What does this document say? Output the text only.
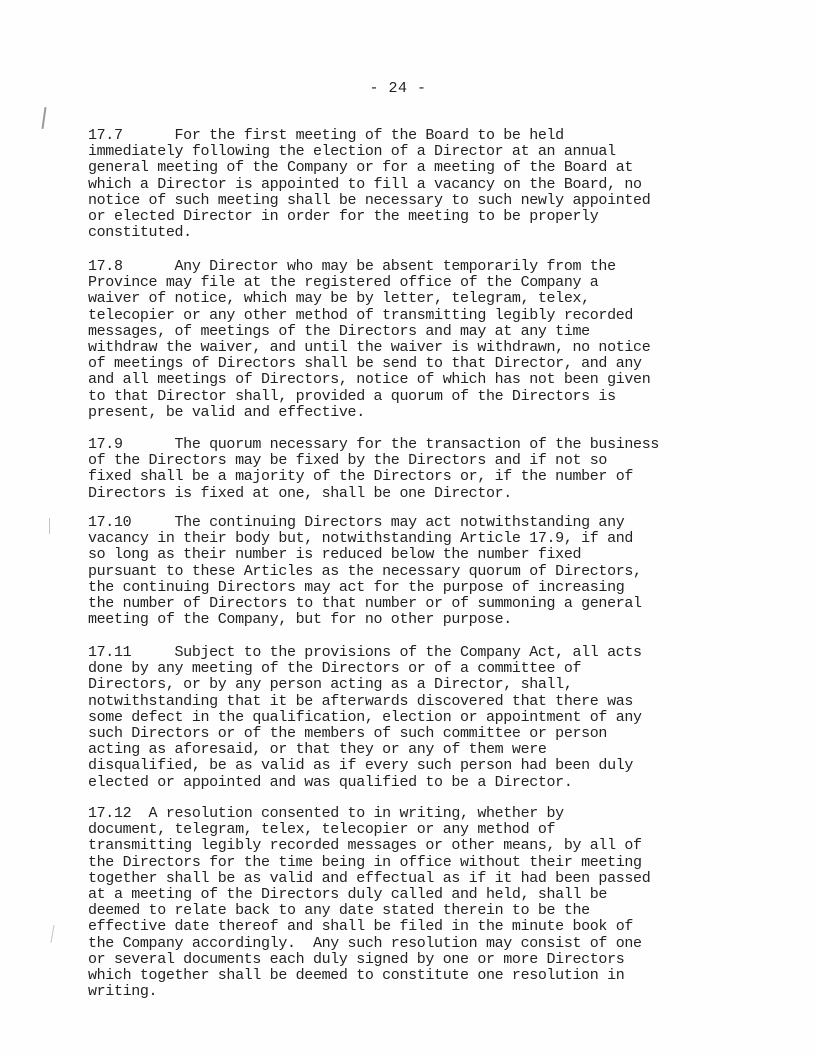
- 24 -
17.7      For the first meeting of the Board to be held
immediately following the election of a Director at an annual
general meeting of the Company or for a meeting of the Board at
which a Director is appointed to fill a vacancy on the Board, no
notice of such meeting shall be necessary to such newly appointed
or elected Director in order for the meeting to be properly
constituted.
17.8      Any Director who may be absent temporarily from the
Province may file at the registered office of the Company a
waiver of notice, which may be by letter, telegram, telex,
telecopier or any other method of transmitting legibly recorded
messages, of meetings of the Directors and may at any time
withdraw the waiver, and until the waiver is withdrawn, no notice
of meetings of Directors shall be send to that Director, and any
and all meetings of Directors, notice of which has not been given
to that Director shall, provided a quorum of the Directors is
present, be valid and effective.
17.9      The quorum necessary for the transaction of the business
of the Directors may be fixed by the Directors and if not so
fixed shall be a majority of the Directors or, if the number of
Directors is fixed at one, shall be one Director.
17.10     The continuing Directors may act notwithstanding any
vacancy in their body but, notwithstanding Article 17.9, if and
so long as their number is reduced below the number fixed
pursuant to these Articles as the necessary quorum of Directors,
the continuing Directors may act for the purpose of increasing
the number of Directors to that number or of summoning a general
meeting of the Company, but for no other purpose.
17.11     Subject to the provisions of the Company Act, all acts
done by any meeting of the Directors or of a committee of
Directors, or by any person acting as a Director, shall,
notwithstanding that it be afterwards discovered that there was
some defect in the qualification, election or appointment of any
such Directors or of the members of such committee or person
acting as aforesaid, or that they or any of them were
disqualified, be as valid as if every such person had been duly
elected or appointed and was qualified to be a Director.
17.12  A resolution consented to in writing, whether by
document, telegram, telex, telecopier or any method of
transmitting legibly recorded messages or other means, by all of
the Directors for the time being in office without their meeting
together shall be as valid and effectual as if it had been passed
at a meeting of the Directors duly called and held, shall be
deemed to relate back to any date stated therein to be the
effective date thereof and shall be filed in the minute book of
the Company accordingly.  Any such resolution may consist of one
or several documents each duly signed by one or more Directors
which together shall be deemed to constitute one resolution in
writing.
